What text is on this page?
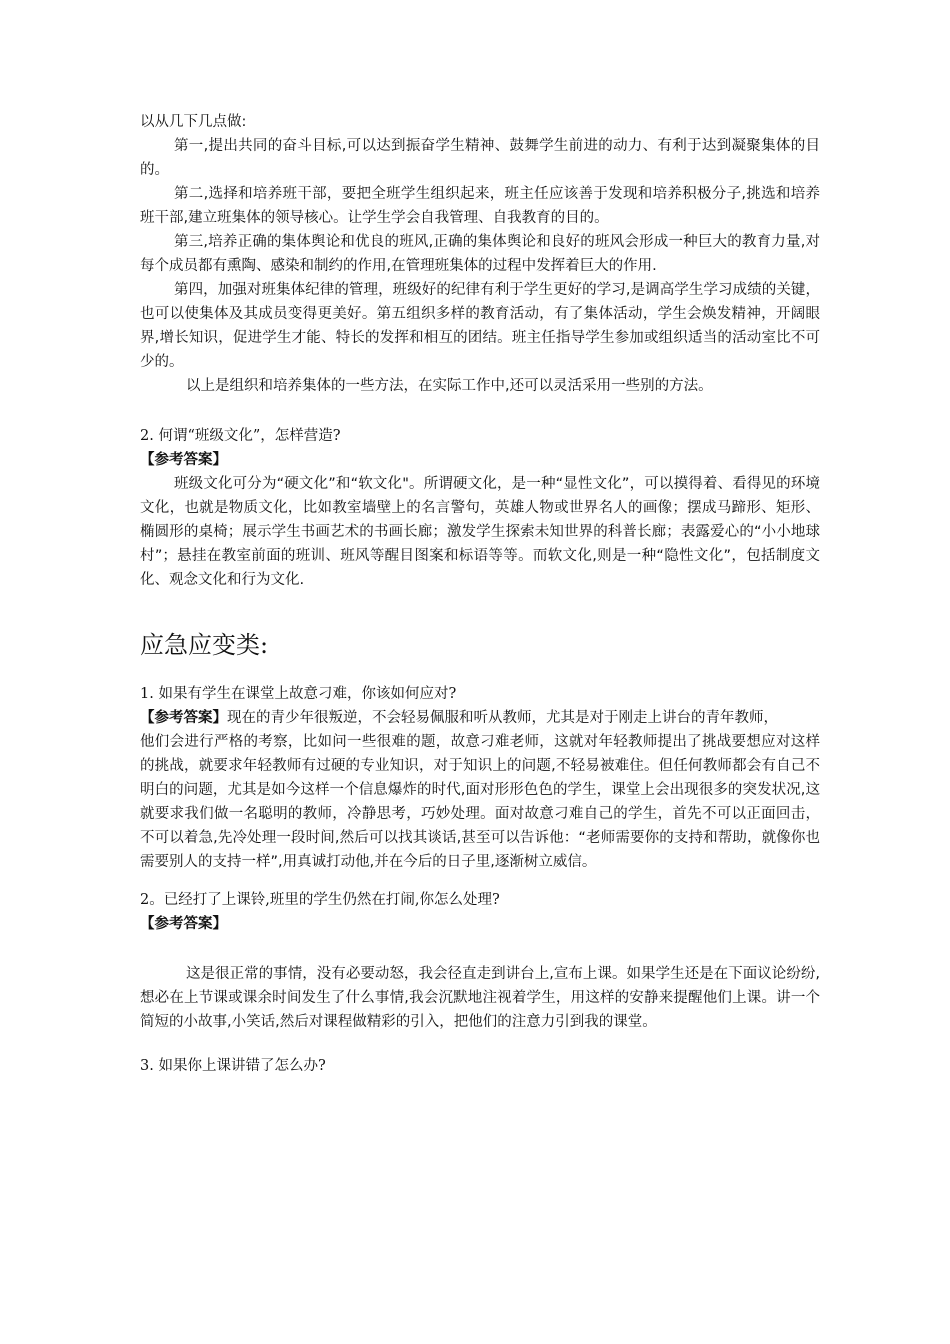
以从几下几点做:

第一,提出共同的奋斗目标,可以达到振奋学生精神、鼓舞学生前进的动力、有利于达到凝聚集体的目的。

第二,选择和培养班干部，要把全班学生组织起来，班主任应该善于发现和培养积极分子,挑选和培养班干部,建立班集体的领导核心。让学生学会自我管理、自我教育的目的。

第三,培养正确的集体舆论和优良的班风,正确的集体舆论和良好的班风会形成一种巨大的教育力量,对每个成员都有熏陶、感染和制约的作用,在管理班集体的过程中发挥着巨大的作用.

第四，加强对班集体纪律的管理，班级好的纪律有利于学生更好的学习,是调高学生学习成绩的关键，也可以使集体及其成员变得更美好。第五组织多样的教育活动，有了集体活动，学生会焕发精神，开阔眼界,增长知识，促进学生才能、特长的发挥和相互的团结。班主任指导学生参加或组织适当的活动室比不可少的。

以上是组织和培养集体的一些方法，在实际工作中,还可以灵活采用一些别的方法。

2. 何谓“班级文化”，怎样营造?

【参考答案】

班级文化可分为“硬文化”和“软文化"。所谓硬文化，是一种“显性文化”，可以摸得着、看得见的环境文化，也就是物质文化，比如教室墙壁上的名言警句，英雄人物或世界名人的画像；摆成马蹄形、矩形、椭圆形的桌椅；展示学生书画艺术的书画长廊；激发学生探索未知世界的科普长廊；表露爱心的“小小地球村”；悬挂在教室前面的班训、班风等醒目图案和标语等等。而软文化,则是一种“隐性文化”，包括制度文化、观念文化和行为文化.

应急应变类:

1. 如果有学生在课堂上故意刁难，你该如何应对?

【参考答案】现在的青少年很叛逆，不会轻易佩服和听从教师，尤其是对于刚走上讲台的青年教师，

他们会进行严格的考察，比如问一些很难的题，故意刁难老师，这就对年轻教师提出了挑战要想应对这样的挑战，就要求年轻教师有过硬的专业知识，对于知识上的问题,不轻易被难住。但任何教师都会有自己不明白的问题，尤其是如今这样一个信息爆炸的时代,面对形形色色的学生，课堂上会出现很多的突发状况,这就要求我们做一名聪明的教师，冷静思考，巧妙处理。面对故意刁难自己的学生，首先不可以正面回击，不可以着急,先冷处理一段时间,然后可以找其谈话,甚至可以告诉他：“老师需要你的支持和帮助，就像你也需要别人的支持一样”,用真诚打动他,并在今后的日子里,逐渐树立威信。

2。已经打了上课铃,班里的学生仍然在打闹,你怎么处理?

【参考答案】

这是很正常的事情，没有必要动怒，我会径直走到讲台上,宣布上课。如果学生还是在下面议论纷纷,想必在上节课或课余时间发生了什么事情,我会沉默地注视着学生，用这样的安静来提醒他们上课。讲一个简短的小故事,小笑话,然后对课程做精彩的引入，把他们的注意力引到我的课堂。

3. 如果你上课讲错了怎么办?
